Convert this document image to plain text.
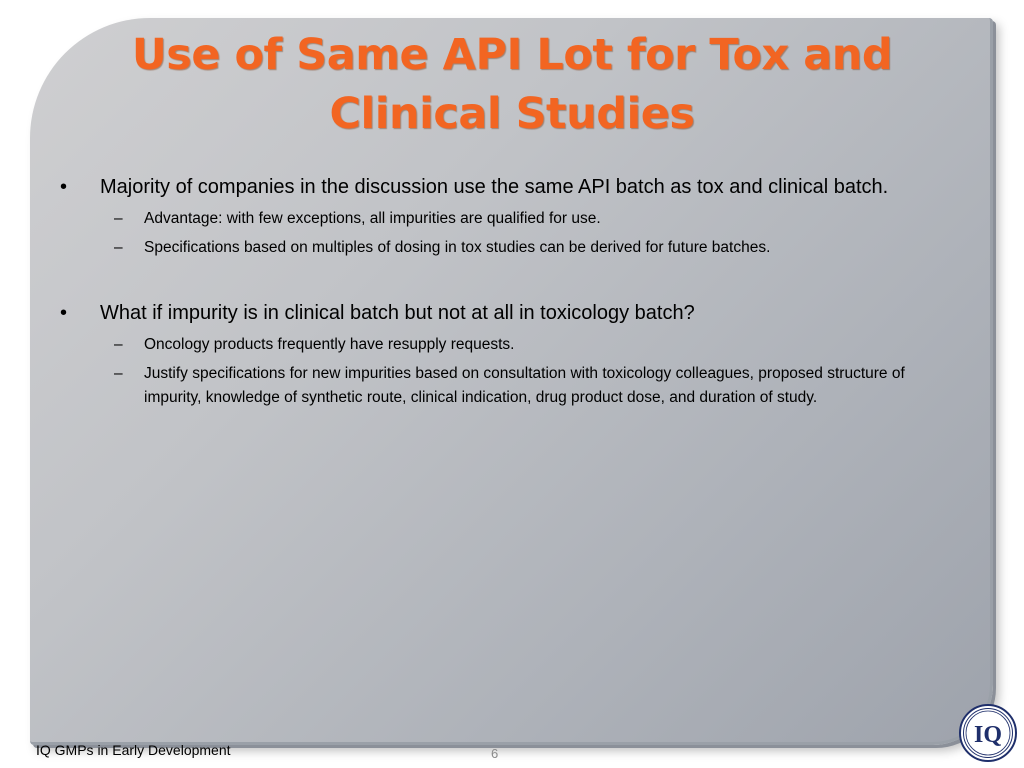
Use of Same API Lot for Tox and Clinical Studies
• Majority of companies in the discussion use the same API batch as tox and clinical batch.
– Advantage: with few exceptions, all impurities are qualified for use.
– Specifications based on multiples of dosing in tox studies can be derived for future batches.
• What if impurity is in clinical batch but not at all in toxicology batch?
– Oncology products frequently have resupply requests.
– Justify specifications for new impurities based on consultation with toxicology colleagues, proposed structure of impurity, knowledge of synthetic route, clinical indication, drug product dose, and duration of study.
IQ GMPs in Early Development	6
IQ
